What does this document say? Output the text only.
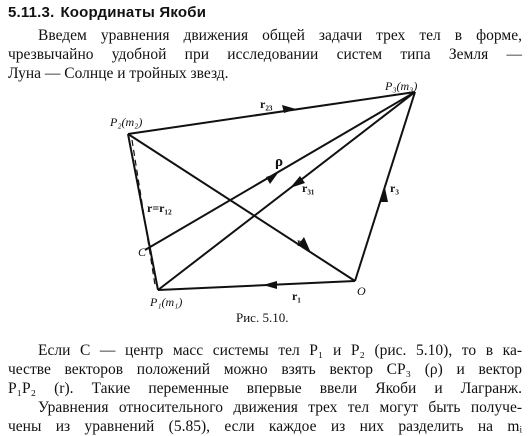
5.11.3. Координаты Якоби
Введем уравнения движения общей задачи трех тел в форме,
чрезвычайно удобной при исследовании систем типа Земля —
Луна — Солнце и тройных звезд.
P₂(m₂)
P₃(m₃)
P₁(m₁)
O
C
ρ
r₂₃
r₃₁	r₃
r₂
r₁
r=r₁₂
Рис. 5.10.
Если C — центр масс системы тел P₁ и P₂ (рис. 5.10), то в ка-
честве векторов положений можно взять вектор CP₃ (ρ) и вектор
P₁P₂ (r). Такие переменные впервые ввели Якоби и Лагранж.
Уравнения относительного движения трех тел могут быть получе-
чены из уравнений (5.85), если каждое из них разделить на mᵢ
